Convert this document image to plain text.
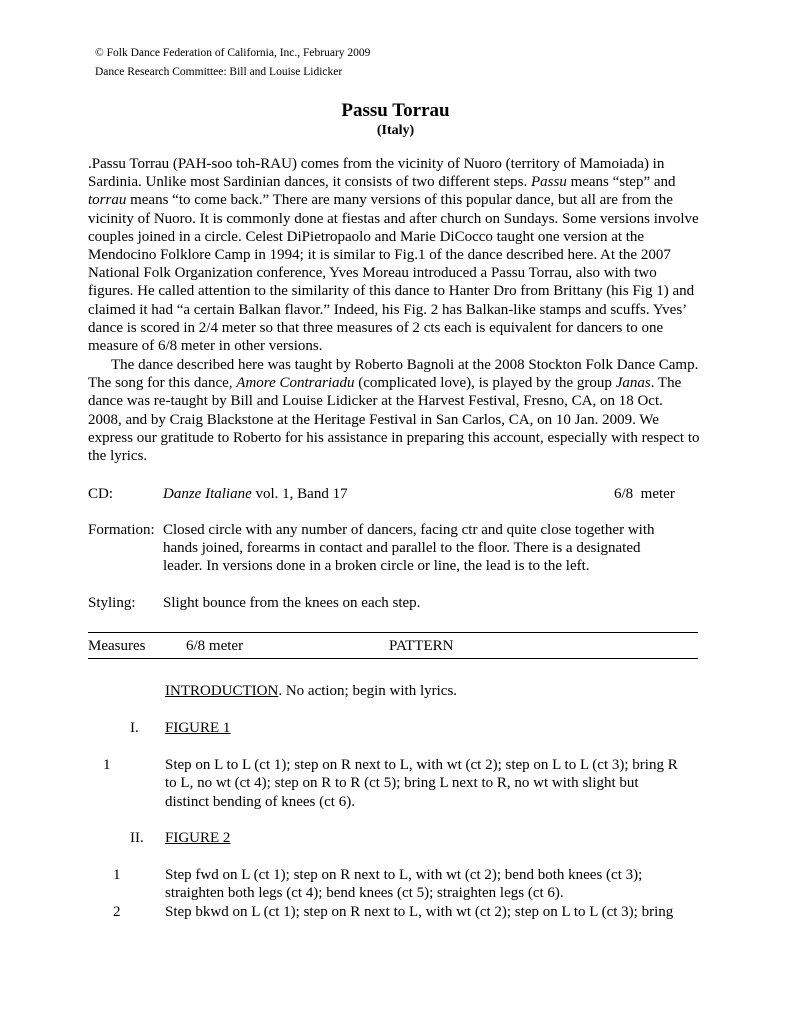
© Folk Dance Federation of California, Inc., February 2009
Dance Research Committee: Bill and Louise Lidicker
Passu Torrau
(Italy)
.Passu Torrau (PAH-soo toh-RAU) comes from the vicinity of Nuoro (territory of Mamoiada) in Sardinia. Unlike most Sardinian dances, it consists of two different steps. Passu means “step” and torrau means “to come back.” There are many versions of this popular dance, but all are from the vicinity of Nuoro. It is commonly done at fiestas and after church on Sundays. Some versions involve couples joined in a circle. Celest DiPietropaolo and Marie DiCocco taught one version at the Mendocino Folklore Camp in 1994; it is similar to Fig.1 of the dance described here. At the 2007 National Folk Organization conference, Yves Moreau introduced a Passu Torrau, also with two figures. He called attention to the similarity of this dance to Hanter Dro from Brittany (his Fig 1) and claimed it had “a certain Balkan flavor.” Indeed, his Fig. 2 has Balkan-like stamps and scuffs. Yves’ dance is scored in 2/4 meter so that three measures of 2 cts each is equivalent for dancers to one measure of 6/8 meter in other versions.
The dance described here was taught by Roberto Bagnoli at the 2008 Stockton Folk Dance Camp. The song for this dance, Amore Contrariadu (complicated love), is played by the group Janas. The dance was re-taught by Bill and Louise Lidicker at the Harvest Festival, Fresno, CA, on 18 Oct. 2008, and by Craig Blackstone at the Heritage Festival in San Carlos, CA, on 10 Jan. 2009. We express our gratitude to Roberto for his assistance in preparing this account, especially with respect to the lyrics.
CD:	Danze Italiane vol. 1, Band 17	6/8  meter
Formation: Closed circle with any number of dancers, facing ctr and quite close together with
hands joined, forearms in contact and parallel to the floor. There is a designated
leader. In versions done in a broken circle or line, the lead is to the left.
Styling: Slight bounce from the knees on each step.
Measures	6/8 meter	PATTERN
INTRODUCTION. No action; begin with lyrics.
I.	FIGURE 1
1	Step on L to L (ct 1); step on R next to L, with wt (ct 2); step on L to L (ct 3); bring R
to L, no wt (ct 4); step on R to R (ct 5); bring L next to R, no wt with slight but
distinct bending of knees (ct 6).
II. FIGURE 2
1	Step fwd on L (ct 1); step on R next to L, with wt (ct 2); bend both knees (ct 3);
straighten both legs (ct 4); bend knees (ct 5); straighten legs (ct 6).
2	Step bkwd on L (ct 1); step on R next to L, with wt (ct 2); step on L to L (ct 3); bring
